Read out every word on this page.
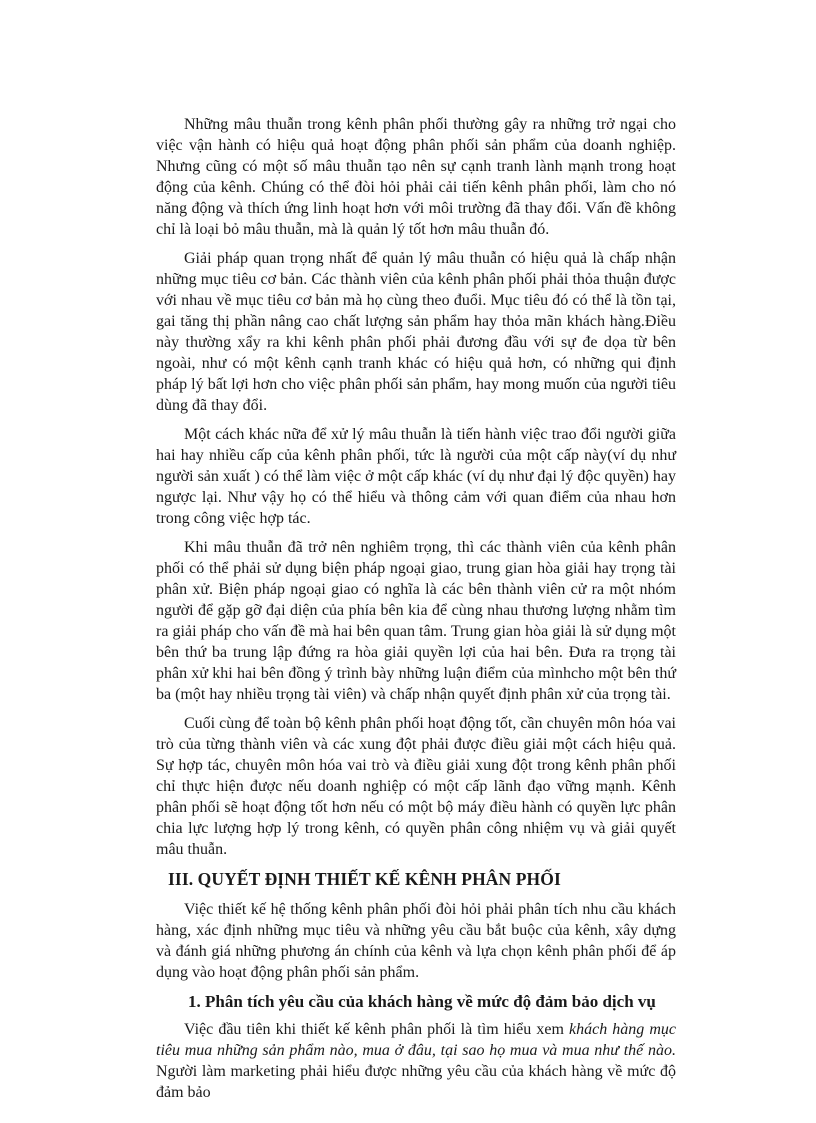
Những mâu thuẫn trong kênh phân phối thường gây ra những trở ngại cho việc vận hành có hiệu quả hoạt động phân phối sản phẩm của doanh nghiệp. Nhưng cũng có một số mâu thuẫn tạo nên sự cạnh tranh lành mạnh trong hoạt động của kênh. Chúng có thể đòi hỏi phải cải tiến kênh phân phối, làm cho nó năng động và thích ứng linh hoạt hơn với môi trường đã thay đổi. Vấn đề không chỉ là loại bỏ mâu thuẫn, mà là quản lý tốt hơn mâu thuẫn đó.

Giải pháp quan trọng nhất để quản lý mâu thuẫn có hiệu quả là chấp nhận những mục tiêu cơ bản. Các thành viên của kênh phân phối phải thỏa thuận được với nhau về mục tiêu cơ bản mà họ cùng theo đuổi. Mục tiêu đó có thể là tồn tại, gai tăng thị phần nâng cao chất lượng sản phẩm hay thỏa mãn khách hàng.Điều này thường xẩy ra khi kênh phân phối phải đương đầu với sự đe dọa từ bên ngoài, như có một kênh cạnh tranh khác có hiệu quả hơn, có những qui định pháp lý bất lợi hơn cho việc phân phối sản phẩm, hay mong muốn của người tiêu dùng đã thay đổi.

Một cách khác nữa để xử lý mâu thuẫn là tiến hành việc trao đổi người giữa hai hay nhiều cấp của kênh phân phối, tức là người của một cấp này(ví dụ như người sản xuất ) có thể làm việc ở một cấp khác (ví dụ như đại lý độc quyền) hay ngược lại. Như vậy họ có thể hiểu và thông cảm với quan điểm của nhau hơn trong công việc hợp tác.

Khi mâu thuẫn đã trở nên nghiêm trọng, thì các thành viên của kênh phân phối có thể phải sử dụng biện pháp ngoại giao, trung gian hòa giải hay trọng tài phân xử. Biện pháp ngoại giao có nghĩa là các bên thành viên cử ra một nhóm người để gặp gỡ đại diện của phía bên kia để cùng nhau thương lượng nhằm tìm ra giải pháp cho vấn đề mà hai bên quan tâm. Trung gian hòa giải là sử dụng một bên thứ ba trung lập đứng ra hòa giải quyền lợi của hai bên. Đưa ra trọng tài phân xử khi hai bên đồng ý trình bày những luận điểm của mìnhcho một bên thứ ba (một hay nhiều trọng tài viên) và chấp nhận quyết định phân xử của trọng tài.

Cuối cùng để toàn bộ kênh phân phối hoạt động tốt, cần chuyên môn hóa vai trò của từng thành viên và các xung đột phải được điều giải một cách hiệu quả. Sự hợp tác, chuyên môn hóa vai trò và điều giải xung đột trong kênh phân phối chỉ thực hiện được nếu doanh nghiệp có một cấp lãnh đạo vững mạnh. Kênh phân phối sẽ hoạt động tốt hơn nếu có một bộ máy điều hành có quyền lực phân chia lực lượng hợp lý trong kênh, có quyền phân công nhiệm vụ và giải quyết mâu thuẫn.

III. QUYẾT ĐỊNH THIẾT KẾ KÊNH PHÂN PHỐI

Việc thiết kế hệ thống kênh phân phối đòi hỏi phải phân tích nhu cầu khách hàng, xác định những mục tiêu và những yêu cầu bắt buộc của kênh, xây dựng và đánh giá những phương án chính của kênh và lựa chọn kênh phân phối để áp dụng vào hoạt động phân phối sản phẩm.

1. Phân tích yêu cầu của khách hàng về mức độ đảm bảo dịch vụ

Việc đầu tiên khi thiết kế kênh phân phối là tìm hiểu xem khách hàng mục tiêu mua những sản phẩm nào, mua ở đâu, tại sao họ mua và mua như thế nào. Người làm marketing phải hiểu được những yêu cầu của khách hàng về mức độ đảm bảo
